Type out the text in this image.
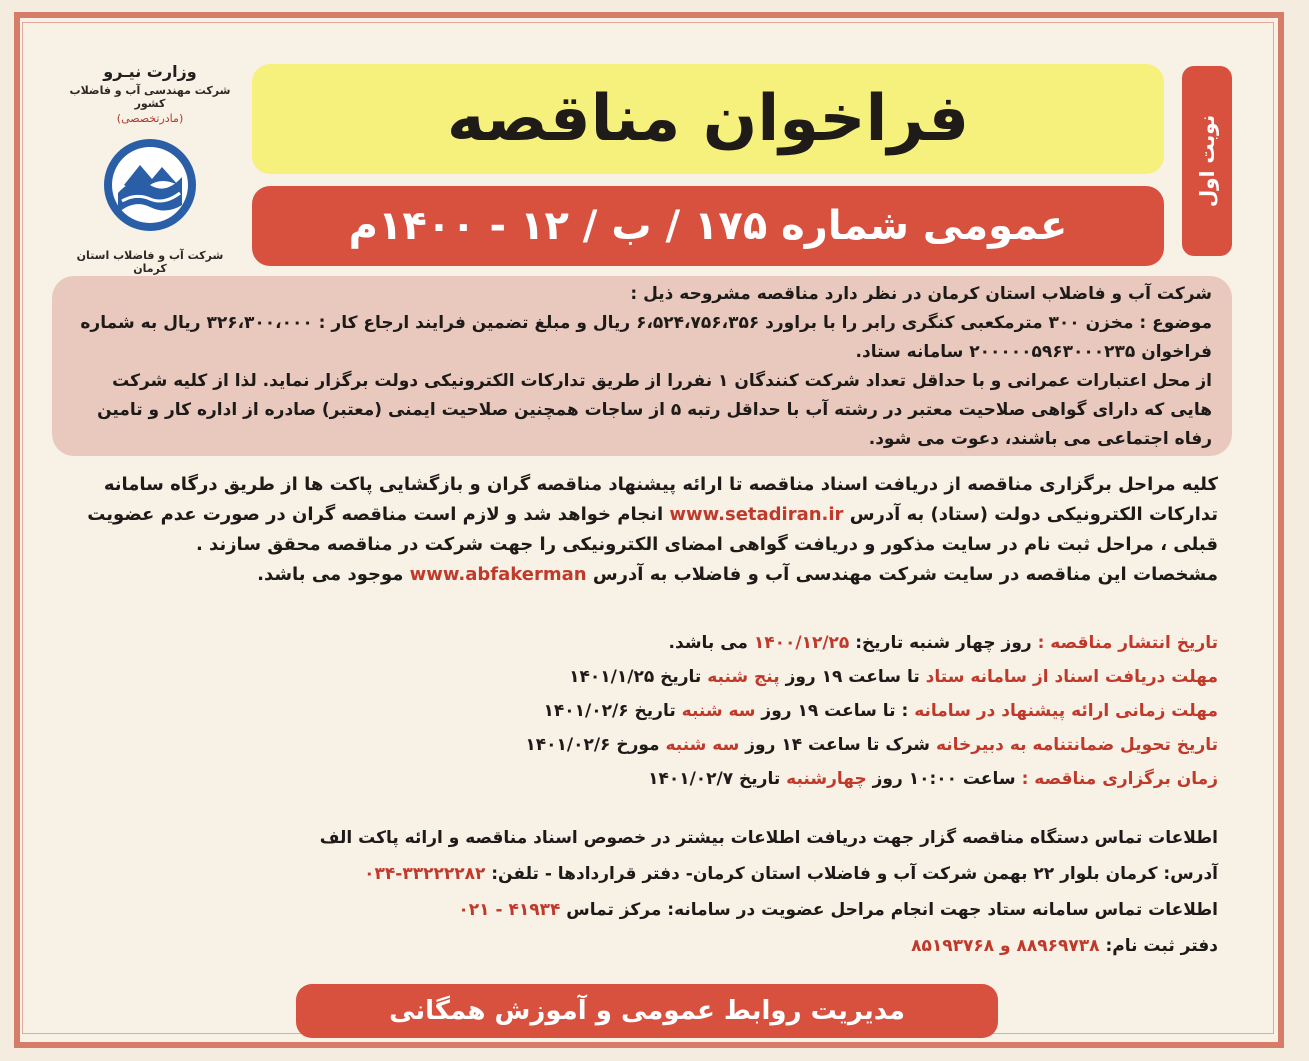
وزارت نیـرو
شرکت مهندسی آب و فاضلاب کشور
(مادرتخصصی)
شرکت آب و فاضلاب استان کرمان
نوبت اول
فراخوان مناقصه
عمومی شماره ۱۷۵ / ب / ۱۲ - ۱۴۰۰م

شرکت آب و فاضلاب استان کرمان در نظر دارد مناقصه مشروحه ذیل :

موضوع : مخزن ۳۰۰ مترمکعبی کنگری رابر را با براورد ۶،۵۲۴،۷۵۶،۳۵۶ ریال و مبلغ تضمین فرایند ارجاع کار : ۳۲۶،۳۰۰،۰۰۰ ریال به شماره فراخوان ۲۰۰۰۰۰۵۹۶۳۰۰۰۲۳۵ سامانه ستاد.

از محل اعتبارات عمرانی و با حداقل تعداد شرکت کنندگان ۱ نفررا از طریق تدارکات الکترونیکی دولت برگزار نماید. لذا از کلیه شرکت هایی که دارای گواهی صلاحیت معتبر در رشته آب با حداقل رتبه ۵ از ساجات همچنین صلاحیت ایمنی (معتبر) صادره از اداره کار و تامین رفاه اجتماعی می باشند، دعوت می شود.

کلیه مراحل برگزاری مناقصه از دریافت اسناد مناقصه تا ارائه پیشنهاد مناقصه گران و بازگشایی پاکت ها از طریق درگاه سامانه تدارکات الکترونیکی دولت (ستاد) به آدرس www.setadiran.ir انجام خواهد شد و لازم است مناقصه گران در صورت عدم عضویت قبلی ، مراحل ثبت نام در سایت مذکور و دریافت گواهی امضای الکترونیکی را جهت شرکت در مناقصه محقق سازند .

مشخصات این مناقصه در سایت شرکت مهندسی آب و فاضلاب به آدرس www.abfakerman موجود می باشد.

تاریخ انتشار مناقصه : روز چهار شنبه تاریخ: ۱۴۰۰/۱۲/۲۵ می باشد.
مهلت دریافت اسناد از سامانه ستاد تا ساعت ۱۹ روز پنج شنبه تاریخ ۱۴۰۱/۱/۲۵
مهلت زمانی ارائه پیشنهاد در سامانه : تا ساعت ۱۹ روز سه شنبه تاریخ ۱۴۰۱/۰۲/۶
تاریخ تحویل ضمانتنامه به دبیرخانه شرک تا ساعت ۱۴ روز سه شنبه مورخ ۱۴۰۱/۰۲/۶
زمان برگزاری مناقصه : ساعت ۱۰:۰۰ روز چهارشنبه تاریخ ۱۴۰۱/۰۲/۷
اطلاعات تماس دستگاه مناقصه گزار جهت دریافت اطلاعات بیشتر در خصوص اسناد مناقصه و ارائه پاکت الف
آدرس: کرمان بلوار ۲۲ بهمن شرکت آب و فاضلاب استان کرمان- دفتر قراردادها - تلفن: ۳۳۲۲۲۲۸۲-۰۳۴
اطلاعات تماس سامانه ستاد جهت انجام مراحل عضویت در سامانه: مرکز تماس ۴۱۹۳۴ - ۰۲۱
دفتر ثبت نام: ۸۸۹۶۹۷۳۸ و ۸۵۱۹۳۷۶۸
مدیریت روابط عمومی و آموزش همگانی
